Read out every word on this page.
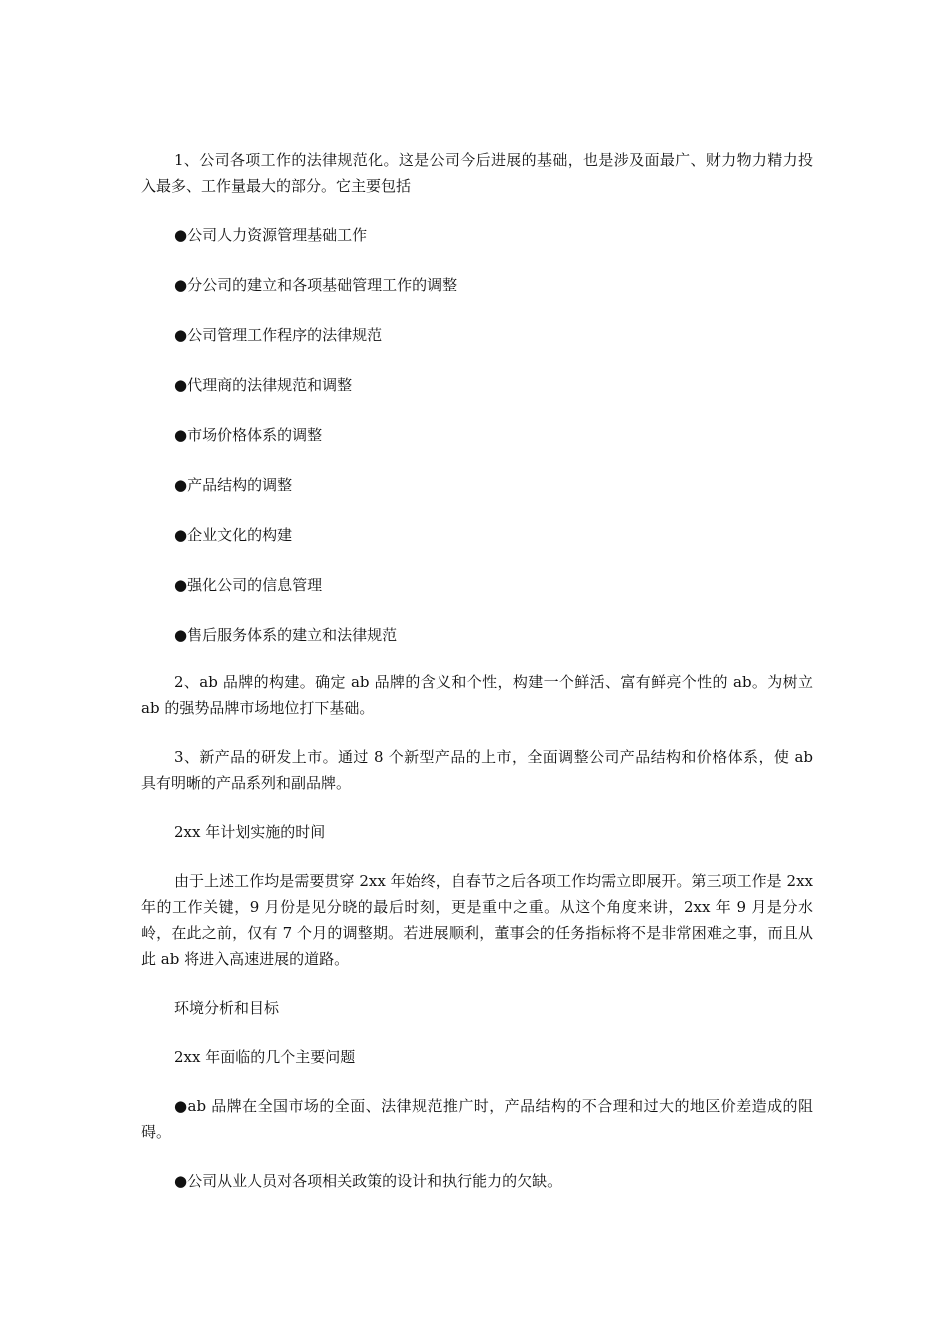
1、公司各项工作的法律规范化。这是公司今后进展的基础，也是涉及面最广、财力物力精力投入最多、工作量最大的部分。它主要包括

●公司人力资源管理基础工作

●分公司的建立和各项基础管理工作的调整

●公司管理工作程序的法律规范

●代理商的法律规范和调整

●市场价格体系的调整

●产品结构的调整

●企业文化的构建

●强化公司的信息管理

●售后服务体系的建立和法律规范

2、ab 品牌的构建。确定 ab 品牌的含义和个性，构建一个鲜活、富有鲜亮个性的 ab。为树立 ab 的强势品牌市场地位打下基础。

3、新产品的研发上市。通过 8 个新型产品的上市，全面调整公司产品结构和价格体系，使 ab 具有明晰的产品系列和副品牌。

2xx 年计划实施的时间

由于上述工作均是需要贯穿 2xx 年始终，自春节之后各项工作均需立即展开。第三项工作是 2xx 年的工作关键，9 月份是见分晓的最后时刻，更是重中之重。从这个角度来讲，2xx 年 9 月是分水岭，在此之前，仅有 7 个月的调整期。若进展顺利，董事会的任务指标将不是非常困难之事，而且从此 ab 将进入高速进展的道路。

环境分析和目标

2xx 年面临的几个主要问题

●ab 品牌在全国市场的全面、法律规范推广时，产品结构的不合理和过大的地区价差造成的阻碍。

●公司从业人员对各项相关政策的设计和执行能力的欠缺。
